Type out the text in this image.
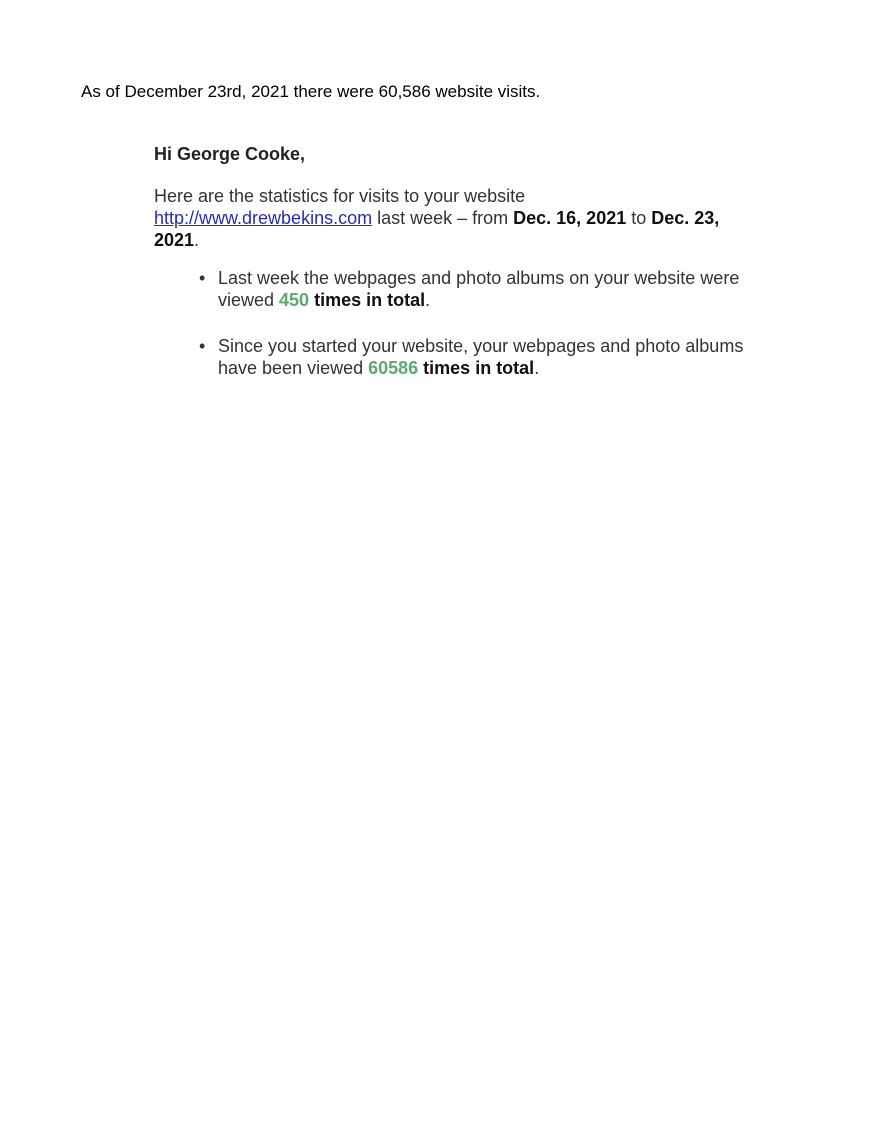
As of December 23rd, 2021 there were 60,586 website visits.

Hi George Cooke,

Here are the statistics for visits to your website
http://www.drewbekins.com last week – from Dec. 16, 2021 to Dec. 23, 2021.

• Last week the webpages and photo albums on your website were viewed 450 times in total.
• Since you started your website, your webpages and photo albums have been viewed 60586 times in total.
